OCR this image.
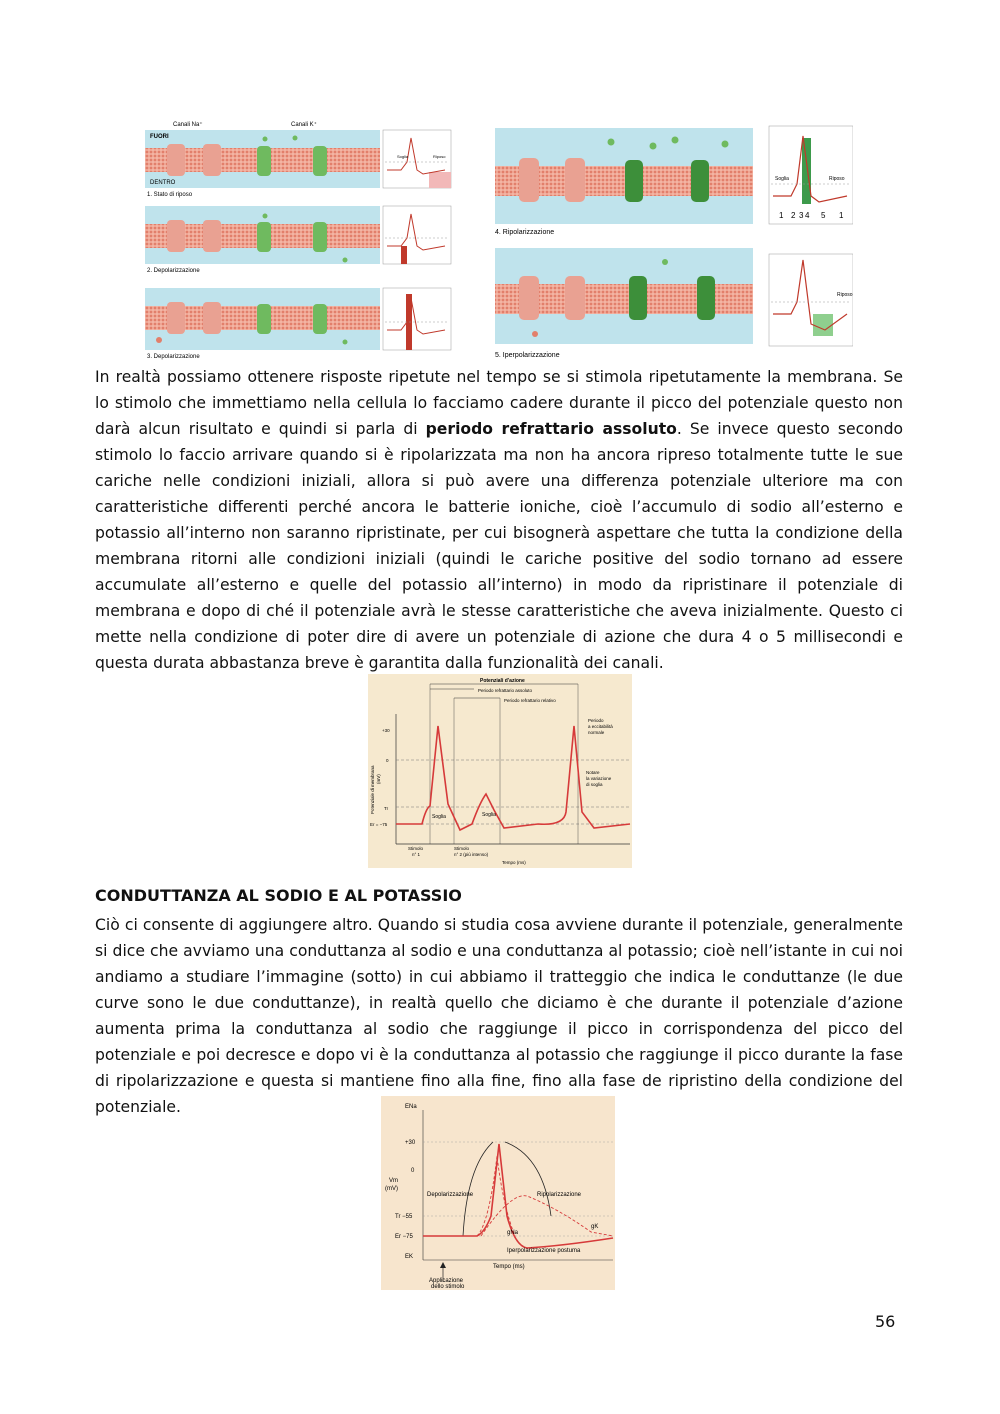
Canali Na⁺	Canali K⁺
FUORI
DENTRO
1. Stato di riposo
2. Depolarizzazione
3. Depolarizzazione
Soglia	Riposo
4. Ripolarizzazione
5. Iperpolarizzazione
Soglia	Riposo
1 2 3 4 5 1
Riposo
In realtà possiamo ottenere risposte ripetute nel tempo se si stimola ripetutamente la membrana. Se lo stimolo che immettiamo nella cellula lo facciamo cadere durante il picco del potenziale questo non darà alcun risultato e quindi si parla di periodo refrattario assoluto. Se invece questo secondo stimolo lo faccio arrivare quando si è ripolarizzata ma non ha ancora ripreso totalmente tutte le sue cariche nelle condizioni iniziali, allora si può avere una differenza potenziale ulteriore ma con caratteristiche differenti perché ancora le batterie ioniche, cioè l’accumulo di sodio all’esterno e potassio all’interno non saranno ripristinate, per cui bisognerà aspettare che tutta la condizione della membrana ritorni alle condizioni iniziali (quindi le cariche positive del sodio tornano ad essere accumulate all’esterno e quelle del potassio all’interno) in modo da ripristinare il potenziale di membrana e dopo di ché il potenziale avrà le stesse caratteristiche che aveva inizialmente. Questo ci mette nella condizione di poter dire di avere un potenziale di azione che dura 4 o 5 millisecondi e questa durata abbastanza breve è garantita dalla funzionalità dei canali.
Potenziali d’azione
Periodo refrattario assoluto
Periodo refrattario relativo
Periodo
a eccitabilità
normale
Notare
la variazione
di soglia
Potenziale di membrana (mV)
+30
0
Tr
Er = −75
Soglia	Soglia
Stimolo
n° 1
Stimolo
n° 2 (più intenso)
Tempo (ms)
CONDUTTANZA AL SODIO E AL POTASSIO
Ciò ci consente di aggiungere altro. Quando si studia cosa avviene durante il potenziale, generalmente si dice che avviamo una conduttanza al sodio e una conduttanza al potassio; cioè nell’istante in cui noi andiamo a studiare l’immagine (sotto) in cui abbiamo il tratteggio che indica le conduttanze (le due curve sono le due conduttanze), in realtà quello che diciamo è che durante il potenziale d’azione aumenta prima la conduttanza al sodio che raggiunge il picco in corrispondenza del picco del potenziale e poi decresce e dopo vi è la conduttanza al potassio che raggiunge il picco durante la fase di ripolarizzazione e questa si mantiene fino alla fine, fino alla fase de ripristino della condizione del potenziale.	ENa
+30
0
Vm
(mV)
Tr −55
Er −75
EK
Depolarizzazione	Ripolarizzazione
gNa
gK
Iperpolarizzazione postuma
Tempo (ms)
Applicazione
dello stimolo
56
